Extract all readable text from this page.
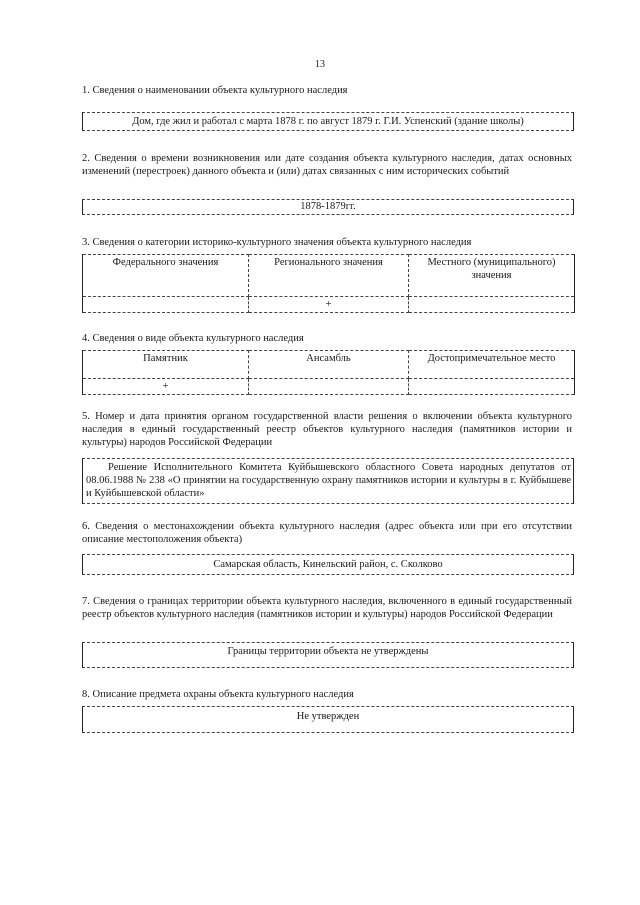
13
1. Сведения о наименовании объекта культурного наследия
Дом, где жил и работал с марта 1878 г. по август 1879 г. Г.И. Успенский (здание школы)
2. Сведения о времени возникновения или дате создания объекта культурного наследия, датах основных изменений (перестроек) данного объекта и (или) датах связанных с ним исторических событий
1878-1879гг.
3. Сведения о категории историко-культурного значения объекта культурного наследия
Федерального значения	Регионального значения	Местного (муниципального) значения
	+	
4. Сведения о виде объекта культурного наследия
Памятник	Ансамбль	Достопримечательное место
+		
5. Номер и дата принятия органом государственной власти решения о включении объекта культурного наследия в единый государственный реестр объектов культурного наследия (памятников истории и культуры) народов Российской Федерации
Решение Исполнительного Комитета Куйбышевского областного Совета народных депутатов от 08.06.1988 № 238 «О принятии на государственную охрану памятников истории и культуры в г. Куйбышеве и Куйбышевской области»
6. Сведения о местонахождении объекта культурного наследия (адрес объекта или при его отсутствии описание местоположения объекта)
Самарская область, Кинельский район, с. Сколково
7. Сведения о границах территории объекта культурного наследия, включенного в единый государственный реестр объектов культурного наследия (памятников истории и культуры) народов Российской Федерации
Границы территории объекта не утверждены
8. Описание предмета охраны объекта культурного наследия
Не утвержден
